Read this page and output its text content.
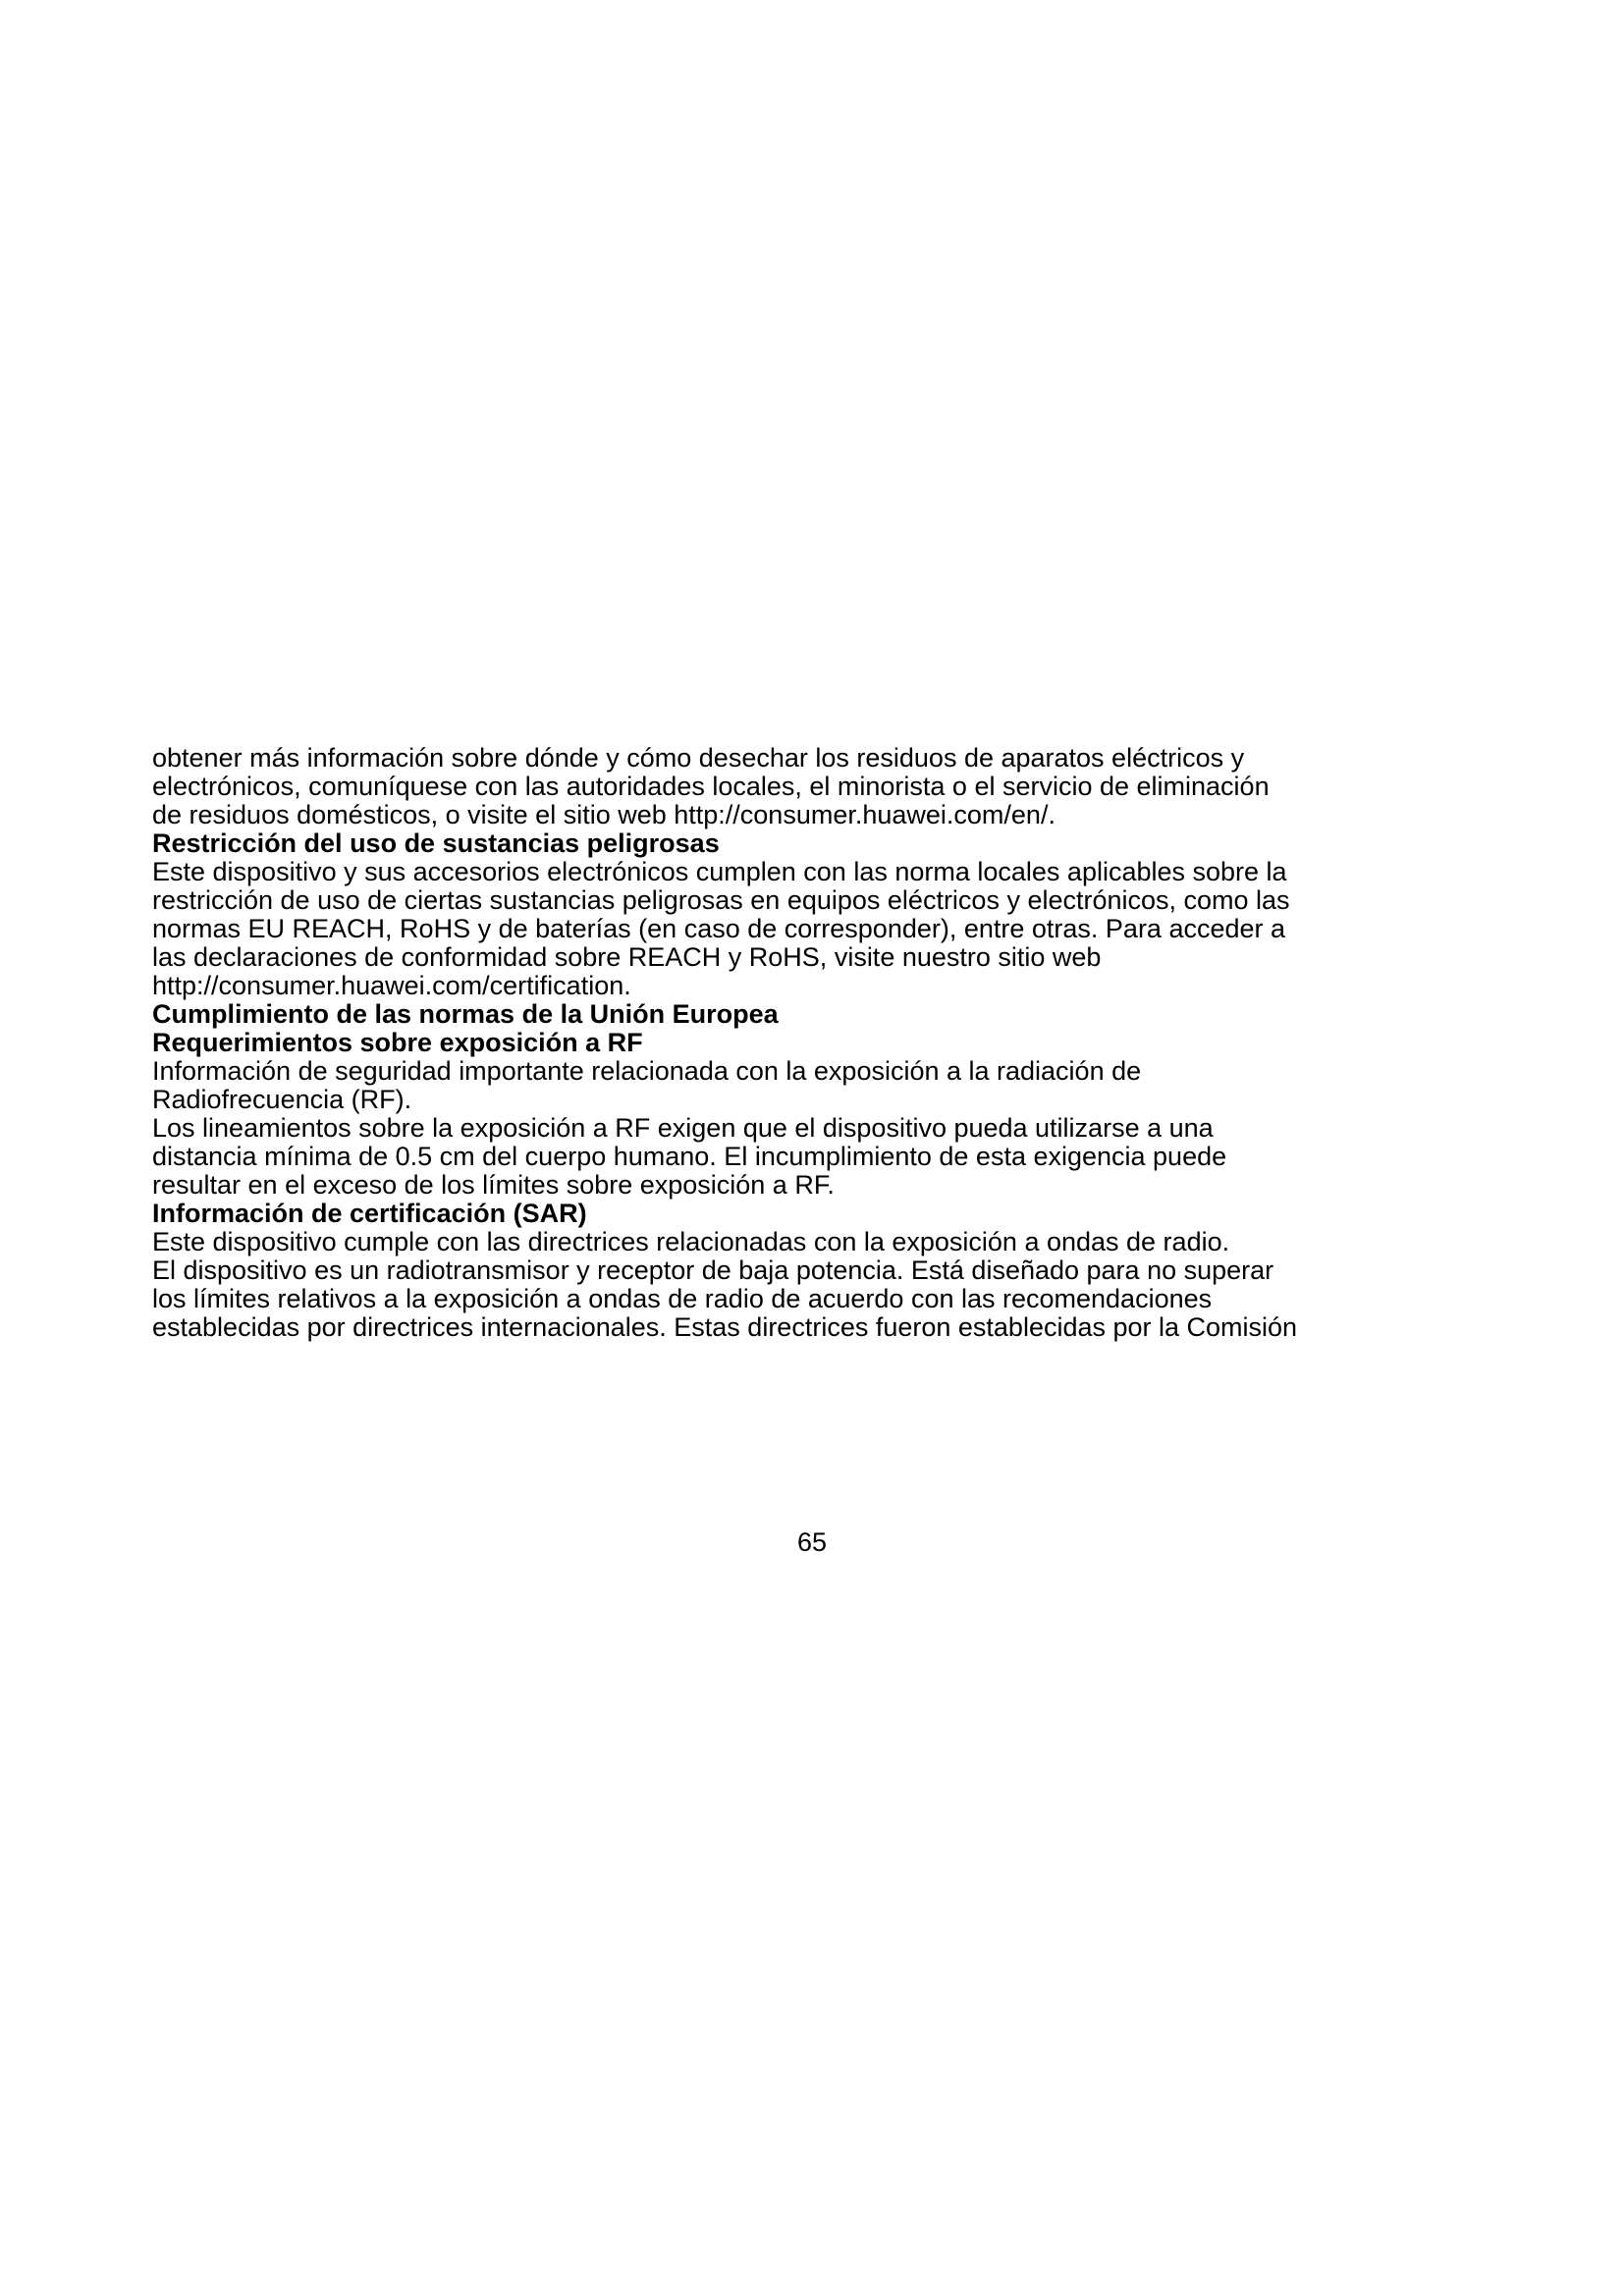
obtener más información sobre dónde y cómo desechar los residuos de aparatos eléctricos y
electrónicos, comuníquese con las autoridades locales, el minorista o el servicio de eliminación
de residuos domésticos, o visite el sitio web http://consumer.huawei.com/en/.
Restricción del uso de sustancias peligrosas
Este dispositivo y sus accesorios electrónicos cumplen con las norma locales aplicables sobre la
restricción de uso de ciertas sustancias peligrosas en equipos eléctricos y electrónicos, como las
normas EU REACH, RoHS y de baterías (en caso de corresponder), entre otras. Para acceder a
las declaraciones de conformidad sobre REACH y RoHS, visite nuestro sitio web
http://consumer.huawei.com/certification.
Cumplimiento de las normas de la Unión Europea
Requerimientos sobre exposición a RF
Información de seguridad importante relacionada con la exposición a la radiación de
Radiofrecuencia (RF).
Los lineamientos sobre la exposición a RF exigen que el dispositivo pueda utilizarse a una
distancia mínima de 0.5 cm del cuerpo humano. El incumplimiento de esta exigencia puede
resultar en el exceso de los límites sobre exposición a RF.
Información de certificación (SAR)
Este dispositivo cumple con las directrices relacionadas con la exposición a ondas de radio.
El dispositivo es un radiotransmisor y receptor de baja potencia. Está diseñado para no superar
los límites relativos a la exposición a ondas de radio de acuerdo con las recomendaciones
establecidas por directrices internacionales. Estas directrices fueron establecidas por la Comisión
65
